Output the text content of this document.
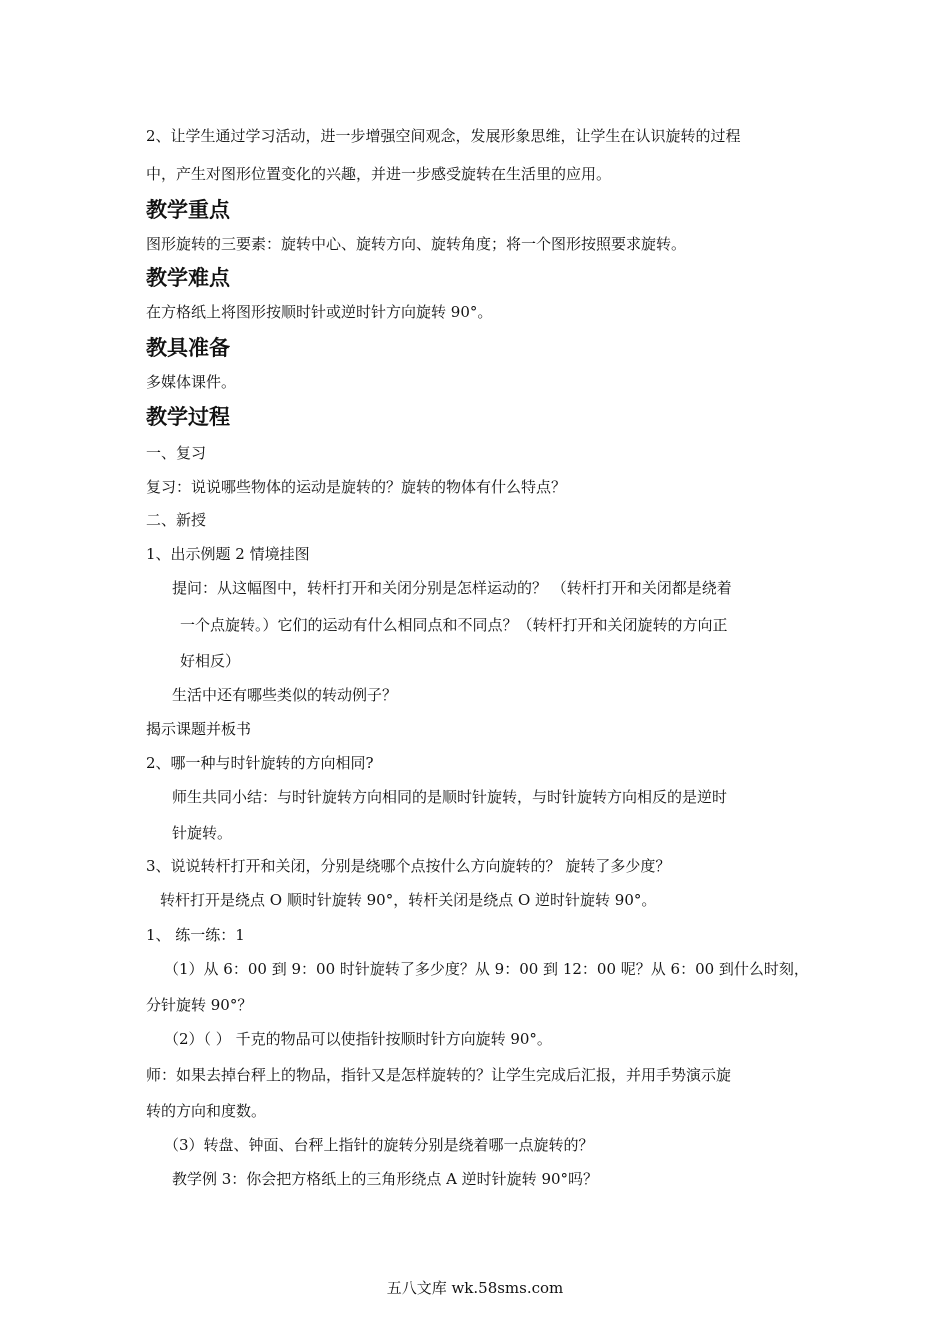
2、让学生通过学习活动，进一步增强空间观念，发展形象思维，让学生在认识旋转的过程
中，产生对图形位置变化的兴趣，并进一步感受旋转在生活里的应用。
教学重点
图形旋转的三要素：旋转中心、旋转方向、旋转角度；将一个图形按照要求旋转。
教学难点
在方格纸上将图形按顺时针或逆时针方向旋转 90°。
教具准备
多媒体课件。
教学过程
一、复习
复习：说说哪些物体的运动是旋转的？旋转的物体有什么特点？
二、新授
1、出示例题 2 情境挂图
提问：从这幅图中，转杆打开和关闭分别是怎样运动的？ （转杆打开和关闭都是绕着
一个点旋转。）它们的运动有什么相同点和不同点？（转杆打开和关闭旋转的方向正
好相反）
生活中还有哪些类似的转动例子？
揭示课题并板书
2、哪一种与时针旋转的方向相同?
师生共同小结：与时针旋转方向相同的是顺时针旋转，与时针旋转方向相反的是逆时
针旋转。
3、说说转杆打开和关闭，分别是绕哪个点按什么方向旋转的？ 旋转了多少度？
转杆打开是绕点 O 顺时针旋转 90°，转杆关闭是绕点 O 逆时针旋转 90°。
1、 练一练：1
（1）从 6：00 到 9：00 时针旋转了多少度？从 9：00 到 12：00 呢？从 6：00 到什么时刻，
分针旋转 90°？
（2）（ ） 千克的物品可以使指针按顺时针方向旋转 90°。
师：如果去掉台秤上的物品，指针又是怎样旋转的？让学生完成后汇报，并用手势演示旋
转的方向和度数。
（3）转盘、钟面、台秤上指针的旋转分别是绕着哪一点旋转的？
教学例 3：你会把方格纸上的三角形绕点 A 逆时针旋转 90°吗？
五八文库 wk.58sms.com
